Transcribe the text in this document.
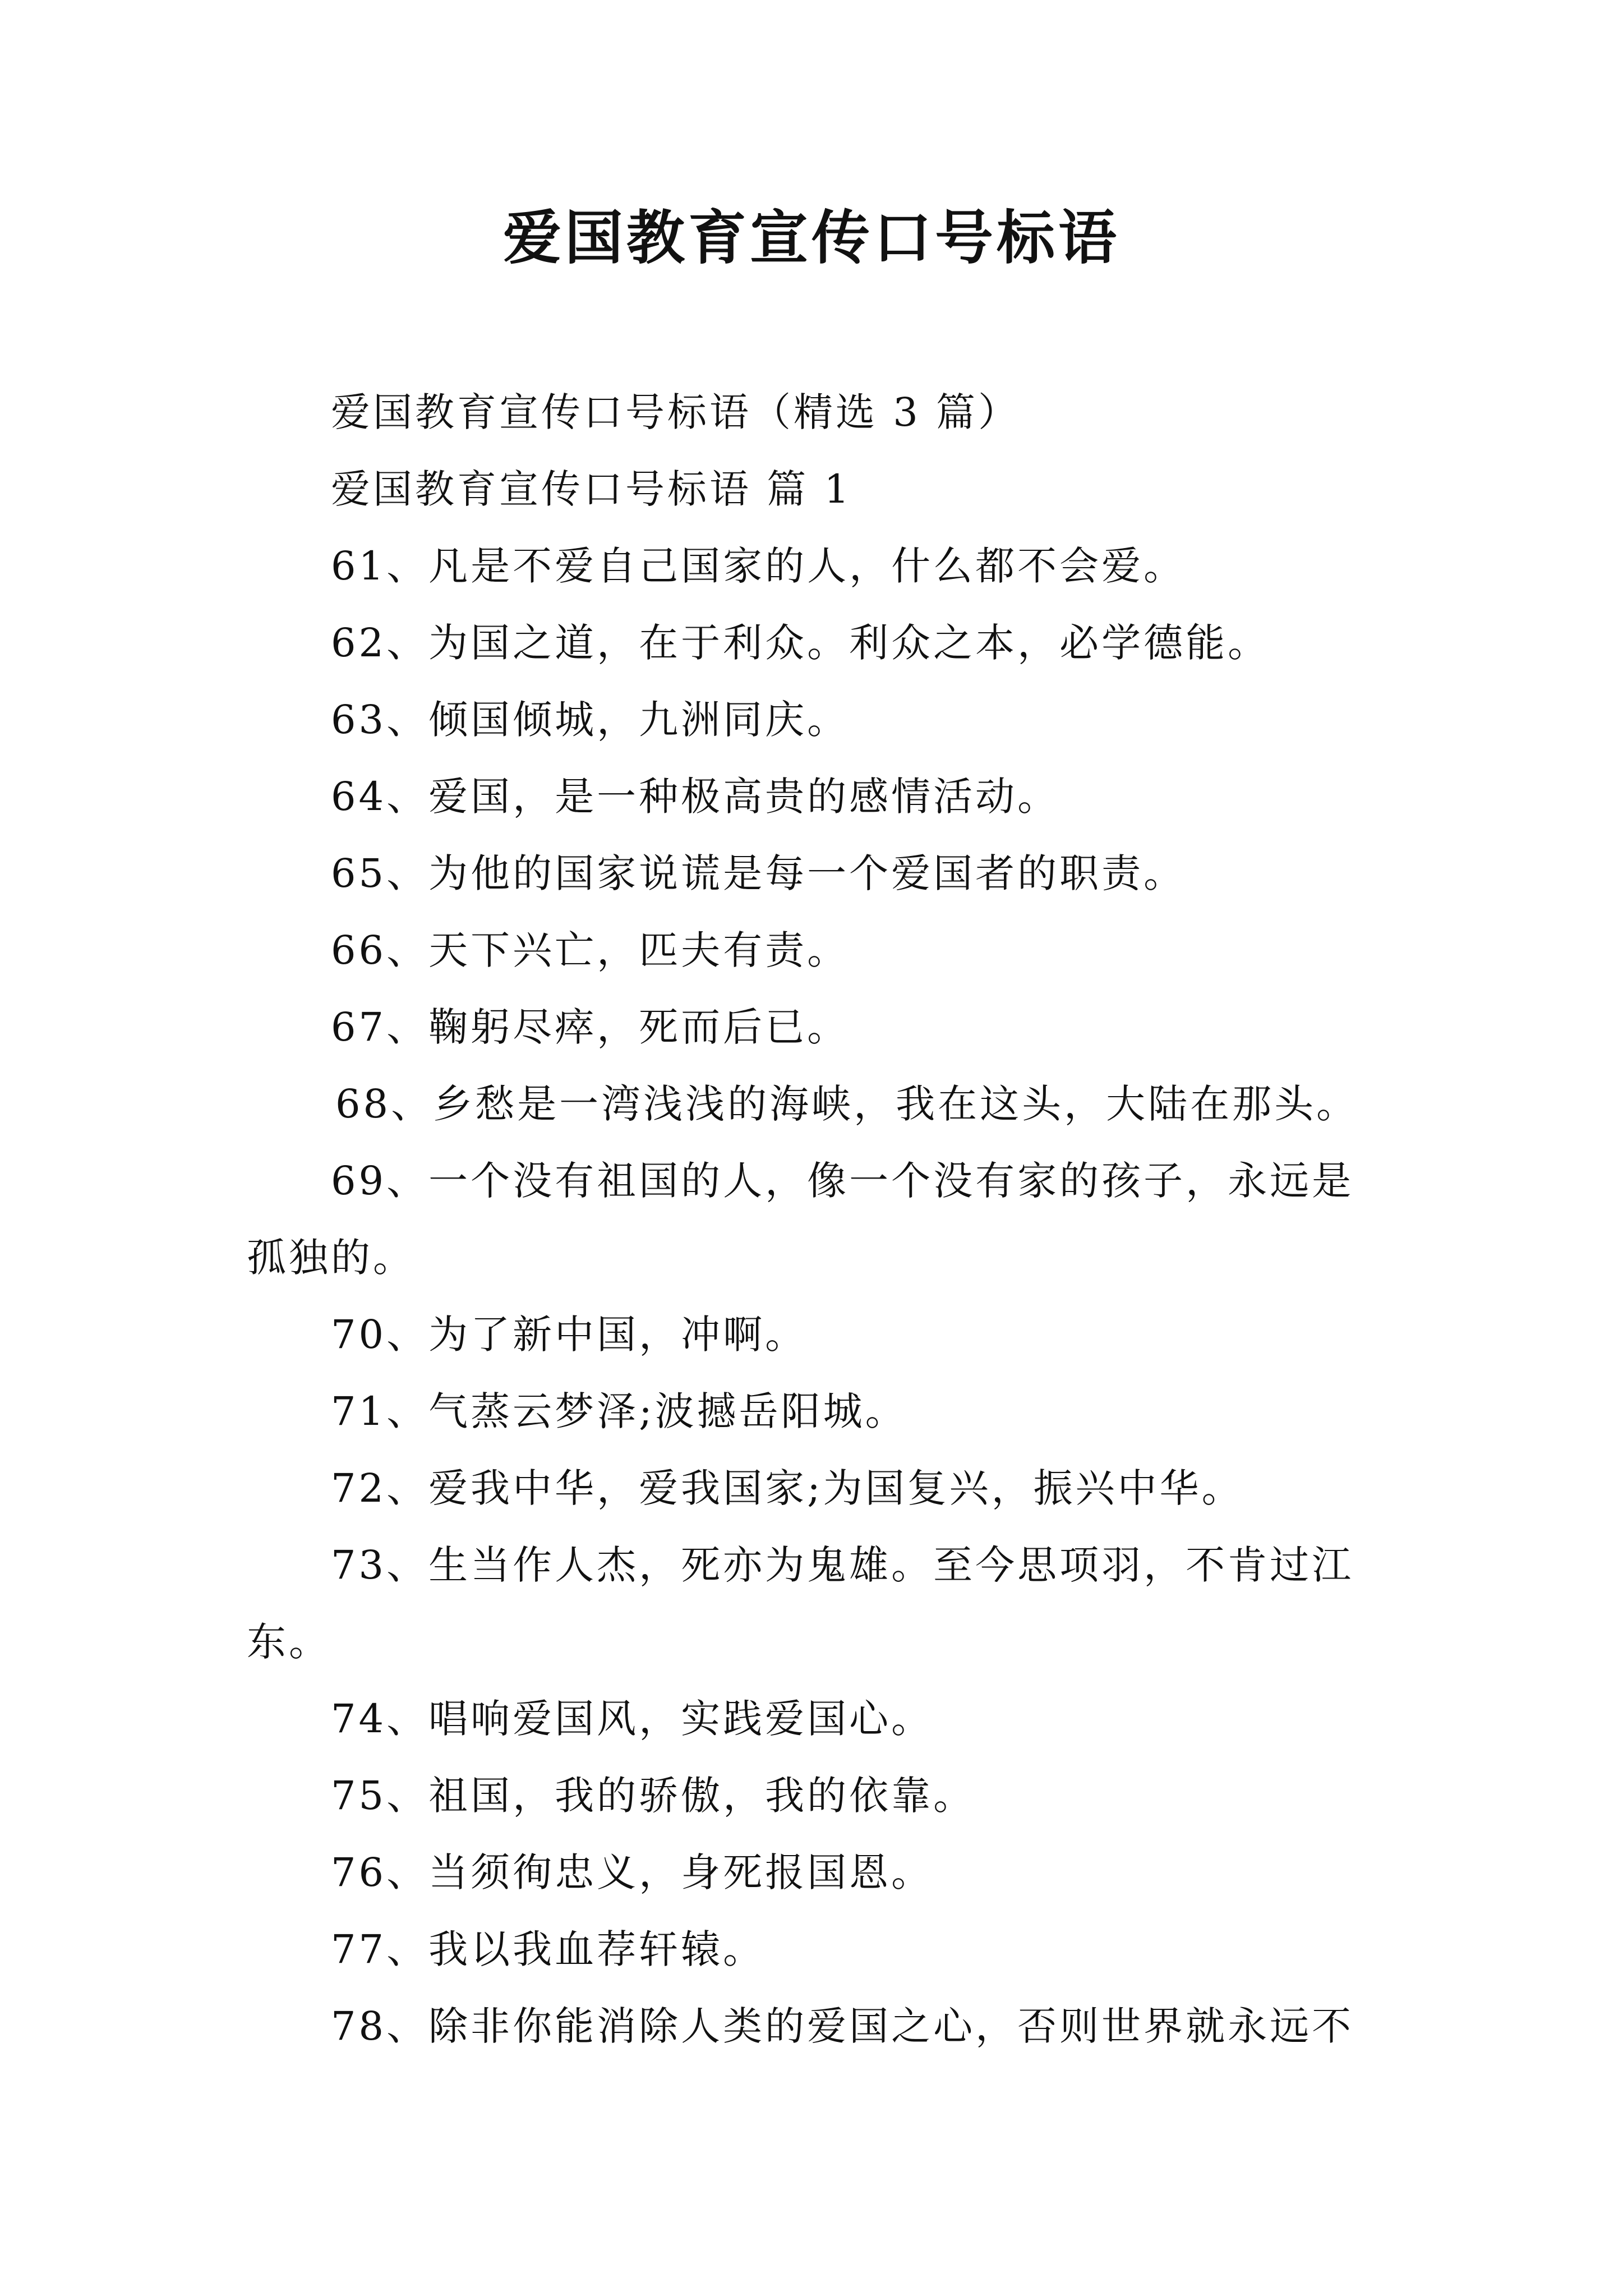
爱国教育宣传口号标语
爱国教育宣传口号标语（精选 3 篇）
爱国教育宣传口号标语 篇 1
61、凡是不爱自己国家的人，什么都不会爱。
62、为国之道，在于利众。利众之本，必学德能。
63、倾国倾城，九洲同庆。
64、爱国，是一种极高贵的感情活动。
65、为他的国家说谎是每一个爱国者的职责。
66、天下兴亡，匹夫有责。
67、鞠躬尽瘁，死而后已。
68、乡愁是一湾浅浅的海峡，我在这头，大陆在那头。
69、一个没有祖国的人，像一个没有家的孩子，永远是
孤独的。
70、为了新中国，冲啊。
71、气蒸云梦泽;波撼岳阳城。
72、爱我中华，爱我国家;为国复兴，振兴中华。
73、生当作人杰，死亦为鬼雄。至今思项羽，不肯过江
东。
74、唱响爱国风，实践爱国心。
75、祖国，我的骄傲，我的依靠。
76、当须徇忠义，身死报国恩。
77、我以我血荐轩辕。
78、除非你能消除人类的爱国之心，否则世界就永远不
